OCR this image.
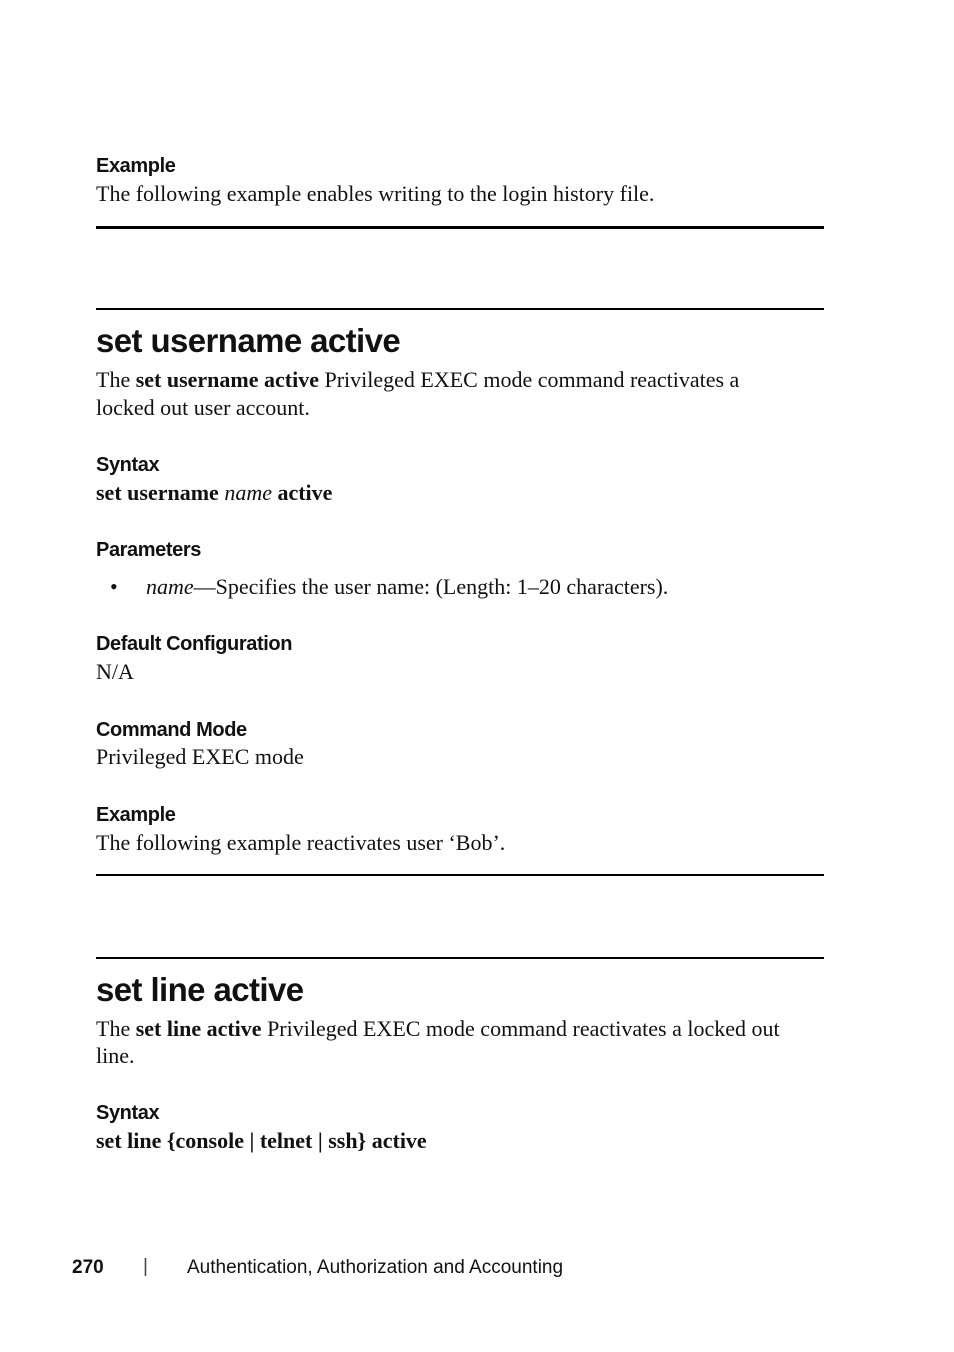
Example
The following example enables writing to the login history file.
set username active
The set username active Privileged EXEC mode command reactivates a
locked out user account.
Syntax
set username name active
Parameters
• name—Specifies the user name: (Length: 1–20 characters).
Default Configuration
N/A
Command Mode
Privileged EXEC mode
Example
The following example reactivates user ‘Bob’.
set line active
The set line active Privileged EXEC mode command reactivates a locked out
line.
Syntax
set line {console | telnet | ssh} active
270 | Authentication, Authorization and Accounting
